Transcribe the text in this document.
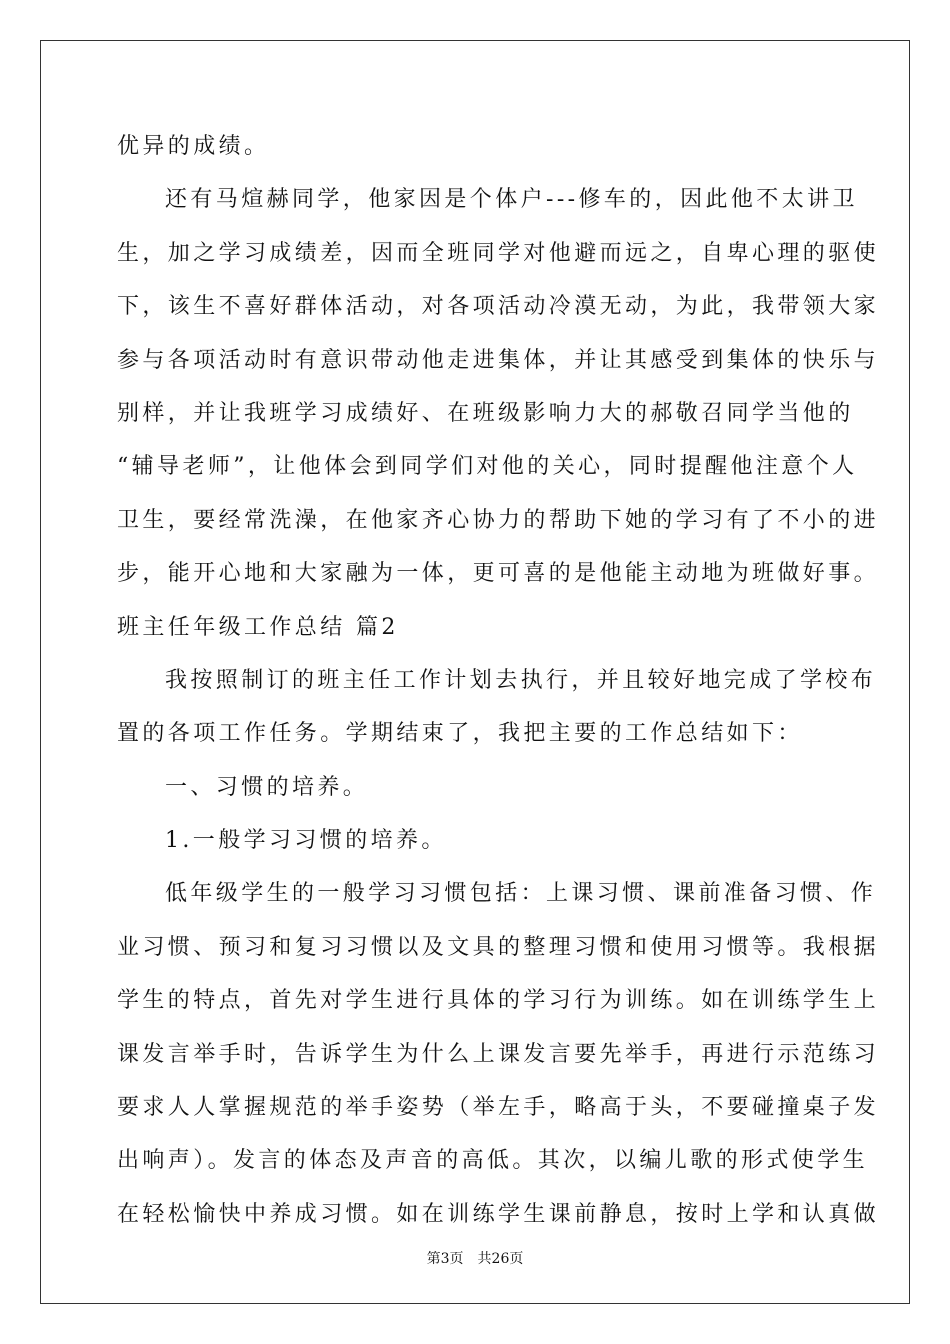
优异的成绩。
还有马煊赫同学，他家因是个体户---修车的，因此他不太讲卫
生，加之学习成绩差，因而全班同学对他避而远之，自卑心理的驱使
下，该生不喜好群体活动，对各项活动冷漠无动，为此，我带领大家
参与各项活动时有意识带动他走进集体，并让其感受到集体的快乐与
别样，并让我班学习成绩好、在班级影响力大的郝敬召同学当他的
“辅导老师”，让他体会到同学们对他的关心，同时提醒他注意个人
卫生，要经常洗澡，在他家齐心协力的帮助下她的学习有了不小的进
步，能开心地和大家融为一体，更可喜的是他能主动地为班做好事。
班主任年级工作总结 篇2
我按照制订的班主任工作计划去执行，并且较好地完成了学校布
置的各项工作任务。学期结束了，我把主要的工作总结如下：
一、习惯的培养。
1.一般学习习惯的培养。
低年级学生的一般学习习惯包括：上课习惯、课前准备习惯、作
业习惯、预习和复习习惯以及文具的整理习惯和使用习惯等。我根据
学生的特点，首先对学生进行具体的学习行为训练。如在训练学生上
课发言举手时，告诉学生为什么上课发言要先举手，再进行示范练习
要求人人掌握规范的举手姿势（举左手，略高于头，不要碰撞桌子发
出响声）。发言的体态及声音的高低。其次，以编儿歌的形式使学生
在轻松愉快中养成习惯。如在训练学生课前静息，按时上学和认真做
第3页 共26页
